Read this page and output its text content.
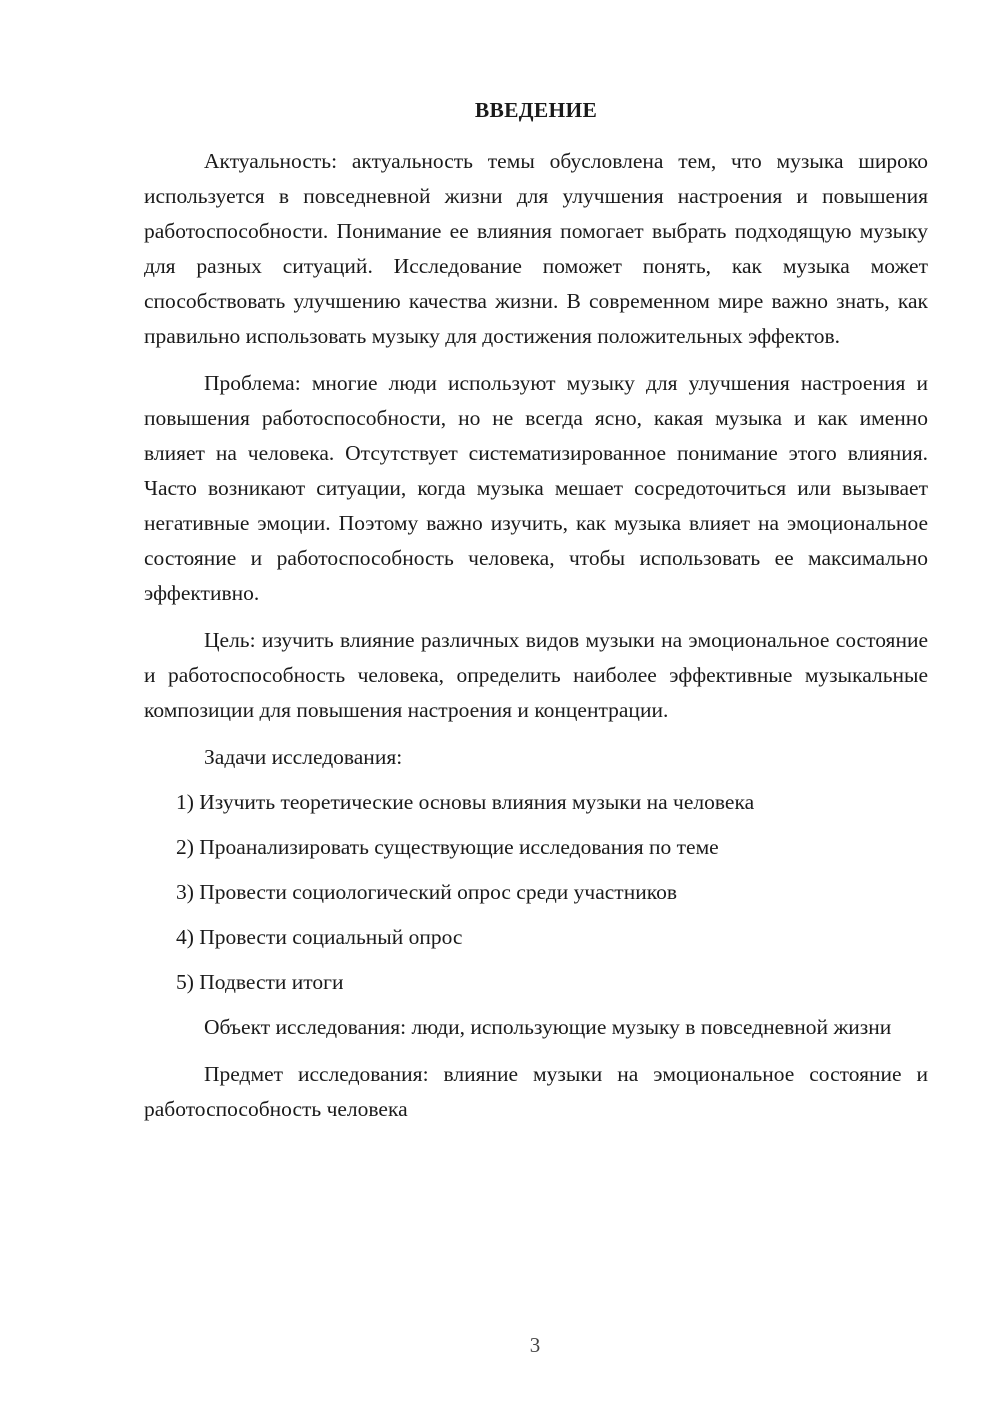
ВВЕДЕНИЕ

Актуальность: актуальность темы обусловлена тем, что музыка широко используется в повседневной жизни для улучшения настроения и повышения работоспособности. Понимание ее влияния помогает выбрать подходящую музыку для разных ситуаций. Исследование поможет понять, как музыка может способствовать улучшению качества жизни. В современном мире важно знать, как правильно использовать музыку для достижения положительных эффектов.

Проблема: многие люди используют музыку для улучшения настроения и повышения работоспособности, но не всегда ясно, какая музыка и как именно влияет на человека. Отсутствует систематизированное понимание этого влияния. Часто возникают ситуации, когда музыка мешает сосредоточиться или вызывает негативные эмоции. Поэтому важно изучить, как музыка влияет на эмоциональное состояние и работоспособность человека, чтобы использовать ее максимально эффективно.

Цель: изучить влияние различных видов музыки на эмоциональное состояние и работоспособность человека, определить наиболее эффективные музыкальные композиции для повышения настроения и концентрации.

Задачи исследования:

1) Изучить теоретические основы влияния музыки на человека
2) Проанализировать существующие исследования по теме
3) Провести социологический опрос среди участников
4) Провести социальный опрос
5) Подвести итоги

Объект исследования: люди, использующие музыку в повседневной жизни

Предмет исследования: влияние музыки на эмоциональное состояние и работоспособность человека

3
